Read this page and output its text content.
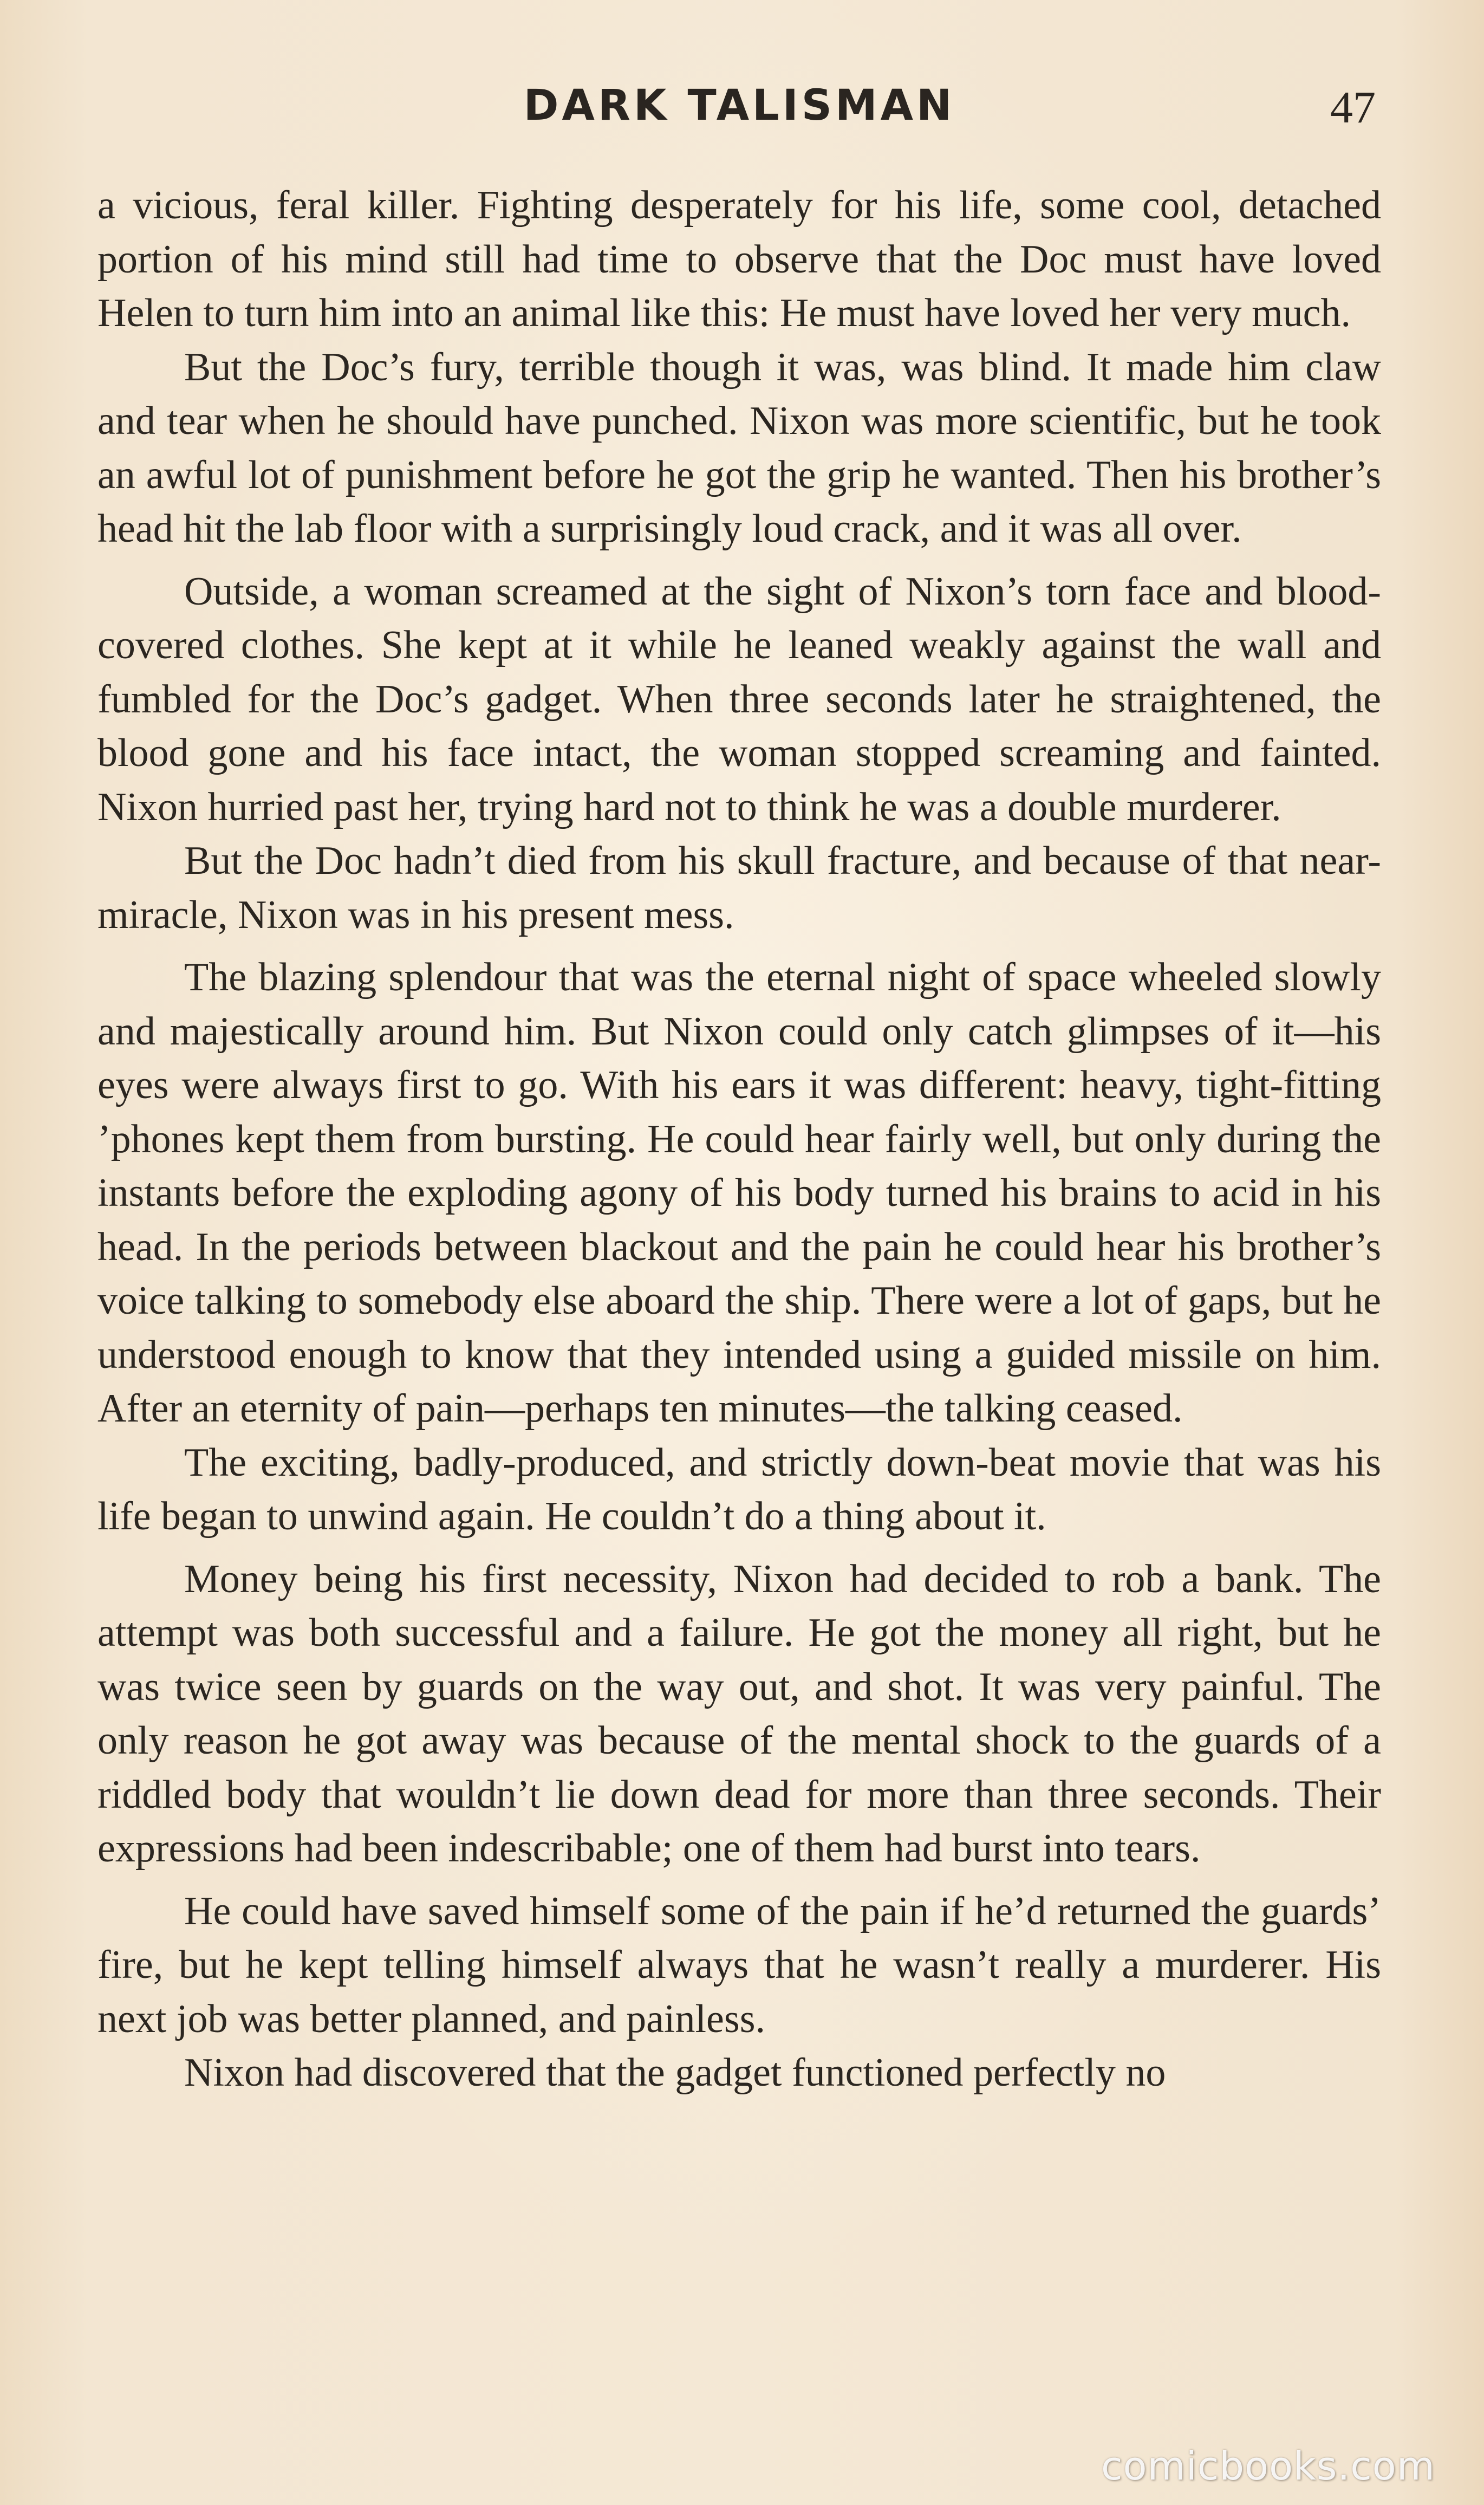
DARK TALISMAN	47

a vicious, feral killer. Fighting desperately for his life, some cool, detached portion of his mind still had time to observe that the Doc must have loved Helen to turn him into an animal like this: He must have loved her very much.

But the Doc’s fury, terrible though it was, was blind. It made him claw and tear when he should have punched. Nixon was more scientific, but he took an awful lot of punishment before he got the grip he wanted. Then his brother’s head hit the lab floor with a surprisingly loud crack, and it was all over.

Outside, a woman screamed at the sight of Nixon’s torn face and blood-covered clothes. She kept at it while he leaned weakly against the wall and fumbled for the Doc’s gadget. When three seconds later he straightened, the blood gone and his face intact, the woman stopped screaming and fainted. Nixon hurried past her, trying hard not to think he was a double murderer.

But the Doc hadn’t died from his skull fracture, and because of that near-miracle, Nixon was in his present mess.

The blazing splendour that was the eternal night of space wheeled slowly and majestically around him. But Nixon could only catch glimpses of it—his eyes were always first to go. With his ears it was different: heavy, tight-fitting ’phones kept them from bursting. He could hear fairly well, but only during the instants before the exploding agony of his body turned his brains to acid in his head. In the periods between blackout and the pain he could hear his brother’s voice talking to somebody else aboard the ship. There were a lot of gaps, but he understood enough to know that they intended using a guided missile on him. After an eternity of pain—perhaps ten minutes—the talking ceased.

The exciting, badly-produced, and strictly down-beat movie that was his life began to unwind again. He couldn’t do a thing about it.

Money being his first necessity, Nixon had decided to rob a bank. The attempt was both successful and a failure. He got the money all right, but he was twice seen by guards on the way out, and shot. It was very painful. The only reason he got away was because of the mental shock to the guards of a riddled body that wouldn’t lie down dead for more than three seconds. Their expressions had been indescribable; one of them had burst into tears.

He could have saved himself some of the pain if he’d returned the guards’ fire, but he kept telling himself always that he wasn’t really a murderer. His next job was better planned, and painless.

Nixon had discovered that the gadget functioned perfectly no

comicbooks.com
